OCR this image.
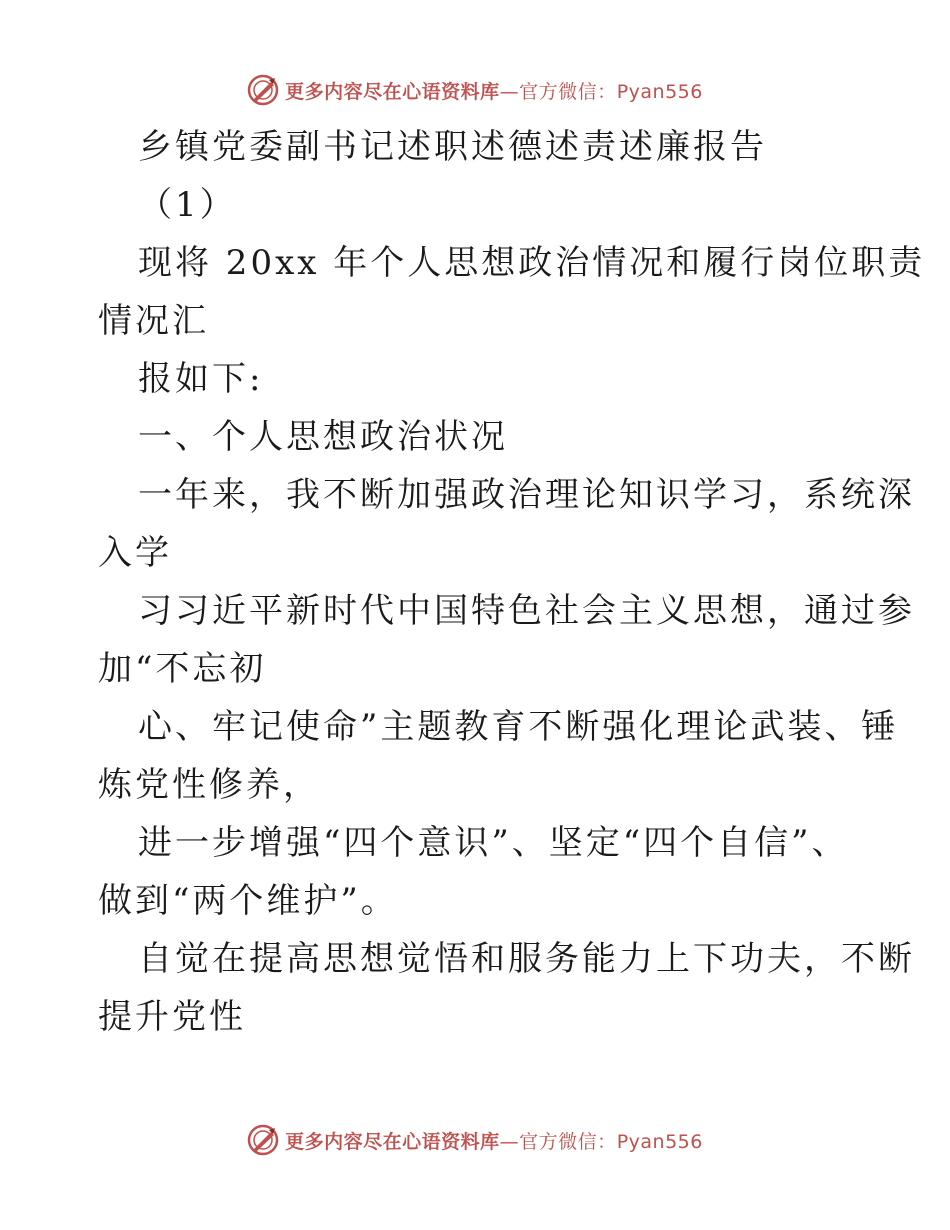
更多内容尽在心语资料库—官方微信：Pyan556
乡镇党委副书记述职述德述责述廉报告
（1）
现将 20xx 年个人思想政治情况和履行岗位职责
情况汇
报如下:
一、个人思想政治状况
一年来，我不断加强政治理论知识学习，系统深
入学
习习近平新时代中国特色社会主义思想，通过参
加“不忘初
心、牢记使命”主题教育不断强化理论武装、锤
炼党性修养，
进一步增强“四个意识”、坚定“四个自信”、
做到“两个维护”。
自觉在提高思想觉悟和服务能力上下功夫，不断
提升党性
更多内容尽在心语资料库—官方微信：Pyan556
